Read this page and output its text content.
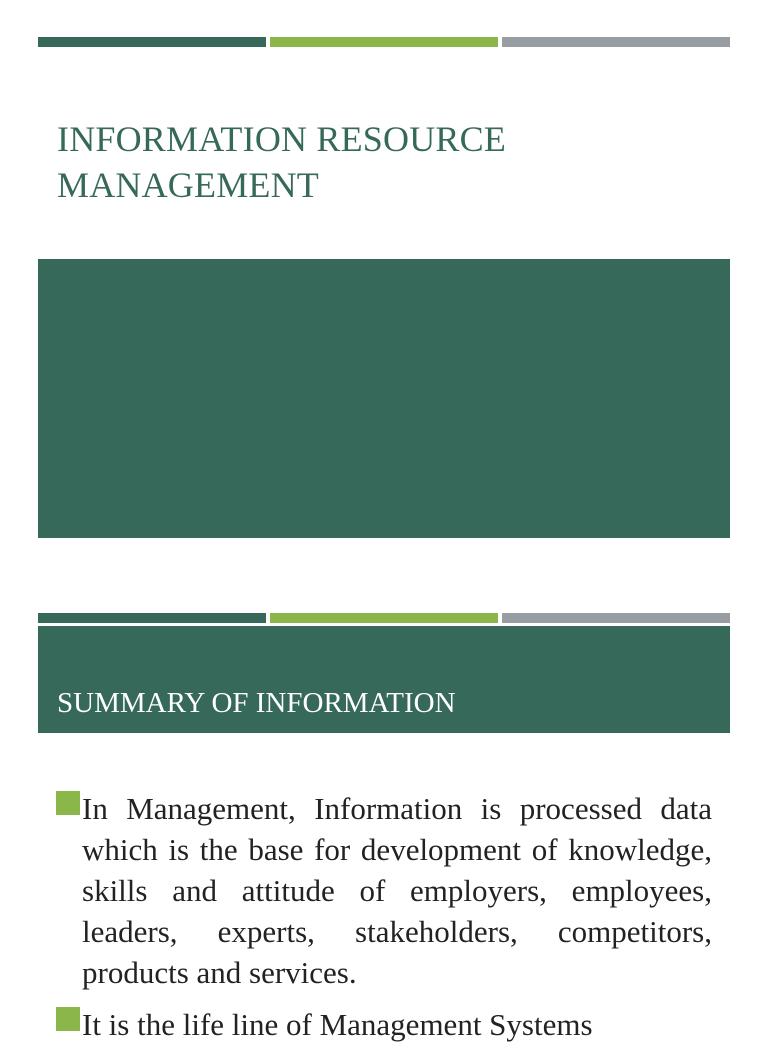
INFORMATION RESOURCE
MANAGEMENT
SUMMARY OF INFORMATION
In Management, Information is processed data which is the base for development of knowledge, skills and attitude of employers, employees, leaders, experts, stakeholders, competitors, products and services.
It is the life line of Management Systems
